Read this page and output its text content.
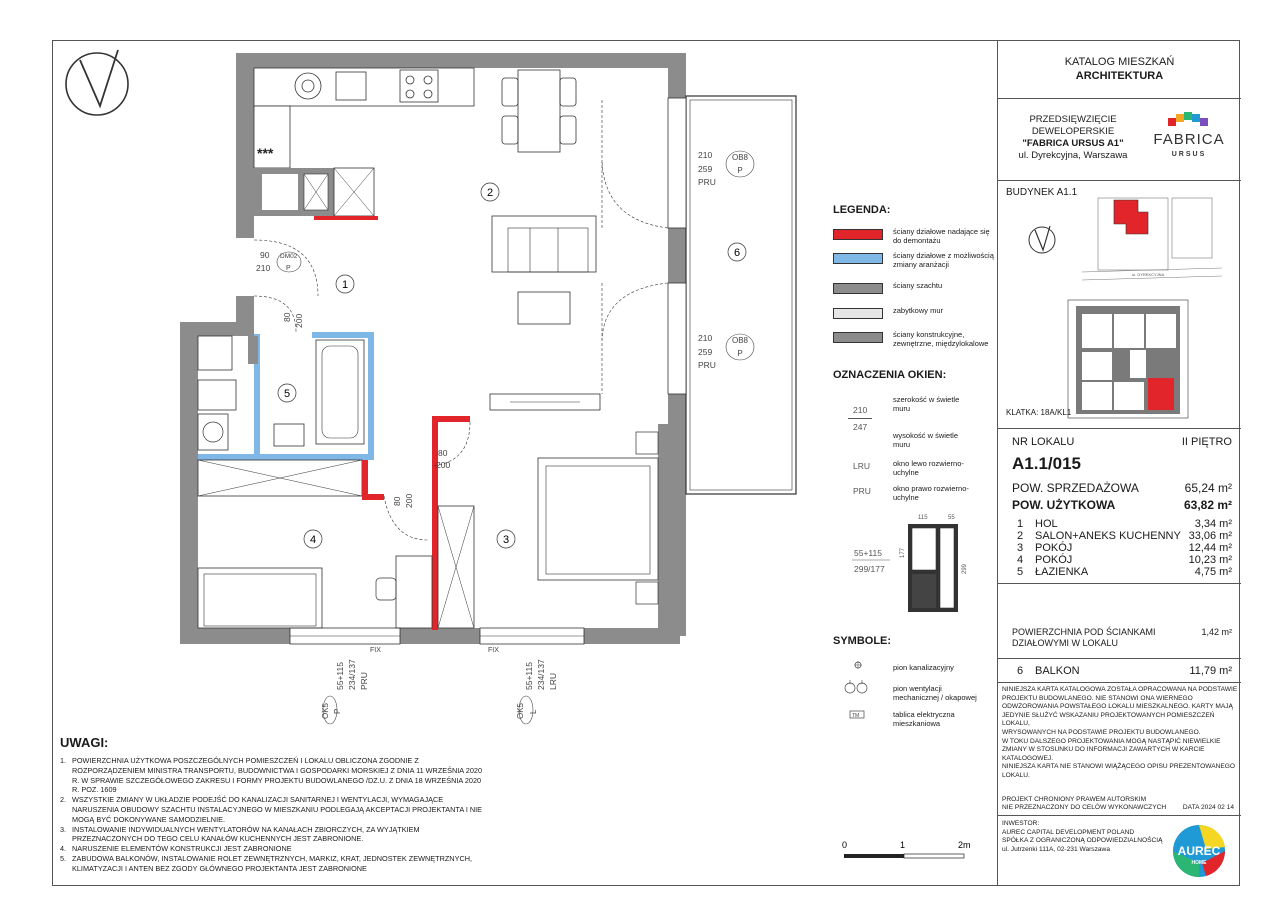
***
1
2
3
4
5
6
90
210
DM02
P
80 200
80
200
80 200
210
259
PRU
OB8
P
210
259
PRU
OB8
P
FIX
55+115 234/137 PRU
OK5 P
FIX
55+115 234/137 LRU
OK5 L
LEGENDA:
ściany działowe nadające się do demontażu
ściany działowe z możliwością zmiany aranżacji
ściany szachtu
zabytkowy mur
ściany konstrukcyjne, zewnętrzne, międzylokalowe
OZNACZENIA OKIEN:
210
247
szerokość w świetle muru
wysokość w świetle muru
LRU	okno lewo rozwierno-uchylne
PRU	okno prawo rozwierno-uchylne
115	55
55+115
299/177
177
299
SYMBOLE:
TM
pion kanalizacyjny
pion wentylacji mechanicznej / okapowej
tablica elektryczna mieszkaniowa
0	1	2m
UWAGI:
1. POWIERZCHNIA UŻYTKOWA POSZCZEGÓLNYCH POMIESZCZEŃ I LOKALU OBLICZONA ZGODNIE Z ROZPORZĄDZENIEM MINISTRA TRANSPORTU, BUDOWNICTWA I GOSPODARKI MORSKIEJ Z DNIA 11 WRZEŚNIA 2020 R. W SPRAWIE SZCZEGÓŁOWEGO ZAKRESU I FORMY PROJEKTU BUDOWLANEGO /DZ.U. Z DNIA 18 WRZEŚNIA 2020 R. POZ. 1609
2. WSZYSTKIE ZMIANY W UKŁADZIE PODEJŚĆ DO KANALIZACJI SANITARNEJ I WENTYLACJI, WYMAGAJĄCE NARUSZENIA OBUDOWY SZACHTU INSTALACYJNEGO W MIESZKANIU PODLEGAJĄ AKCEPTACJI PROJEKTANTA I NIE MOGĄ BYĆ DOKONYWANE SAMODZIELNIE.
3. INSTALOWANIE INDYWIDUALNYCH WENTYLATORÓW NA KANAŁACH ZBIORCZYCH, ZA WYJĄTKIEM PRZEZNACZONYCH DO TEGO CELU KANAŁÓW KUCHENNYCH JEST ZABRONIONE.
4. NARUSZENIE ELEMENTÓW KONSTRUKCJI JEST ZABRONIONE
5. ZABUDOWA BALKONÓW, INSTALOWANIE ROLET ZEWNĘTRZNYCH, MARKIZ, KRAT, JEDNOSTEK ZEWNĘTRZNYCH, KLIMATYZACJI I ANTEN BEZ ZGODY GŁÓWNEGO PROJEKTANTA JEST ZABRONIONE
KATALOG MIESZKAŃ
ARCHITEKTURA
PRZEDSIĘWZIĘCIE
DEWELOPERSKIE
"FABRICA URSUS A1"
ul. Dyrekcyjna, Warszawa
FABRICA
URSUS
BUDYNEK A1.1
ul. DYREKCYJNA
KLATKA: 18A/KL1
NR LOKALU	II PIĘTRO
A1.1/015
POW. SPRZEDAŻOWA	65,24 m²
POW. UŻYTKOWA	63,82 m²
1 HOL	3,34 m²
2 SALON+ANEKS KUCHENNY 33,06 m²
3 POKÓJ	12,44 m²
4 POKÓJ	10,23 m²
5 ŁAZIENKA	4,75 m²
POWIERZCHNIA POD ŚCIANKAMI
DZIAŁOWYMI W LOKALU
1,42 m²
6 BALKON	11,79 m²
NINIEJSZA KARTA KATALOGOWA ZOSTAŁA OPRACOWANA NA PODSTAWIE
PROJEKTU BUDOWLANEGO. NIE STANOWI ONA WIERNEGO
ODWZOROWANIA POWSTAŁEGO LOKALU MIESZKALNEGO. KARTY MAJĄ
JEDYNIE SŁUŻYĆ WSKAZANIU PROJEKTOWANYCH POMIESZCZEŃ LOKALU,
WRYSOWANYCH NA PODSTAWIE PROJEKTU BUDOWLANEGO.
W TOKU DALSZEGO PROJEKTOWANIA MOGĄ NASTĄPIĆ NIEWIELKIE
ZMIANY W STOSUNKU DO INFORMACJI ZAWARTYCH W KARCIE
KATALOGOWEJ.
NINIEJSZA KARTA NIE STANOWI WIĄŻĄCEGO OPISU PREZENTOWANEGO
LOKALU.
PROJEKT CHRONIONY PRAWEM AUTORSKIM
NIE PRZEZNACZONY DO CELÓW WYKONAWCZYCH	DATA 2024 02 14
INWESTOR:
AUREC CAPITAL DEVELOPMENT POLAND
SPÓŁKA Z OGRANICZONĄ ODPOWIEDZIALNOŚCIĄ
ul. Jutrzenki 111A, 02-231 Warszawa	AUREC
HOME
